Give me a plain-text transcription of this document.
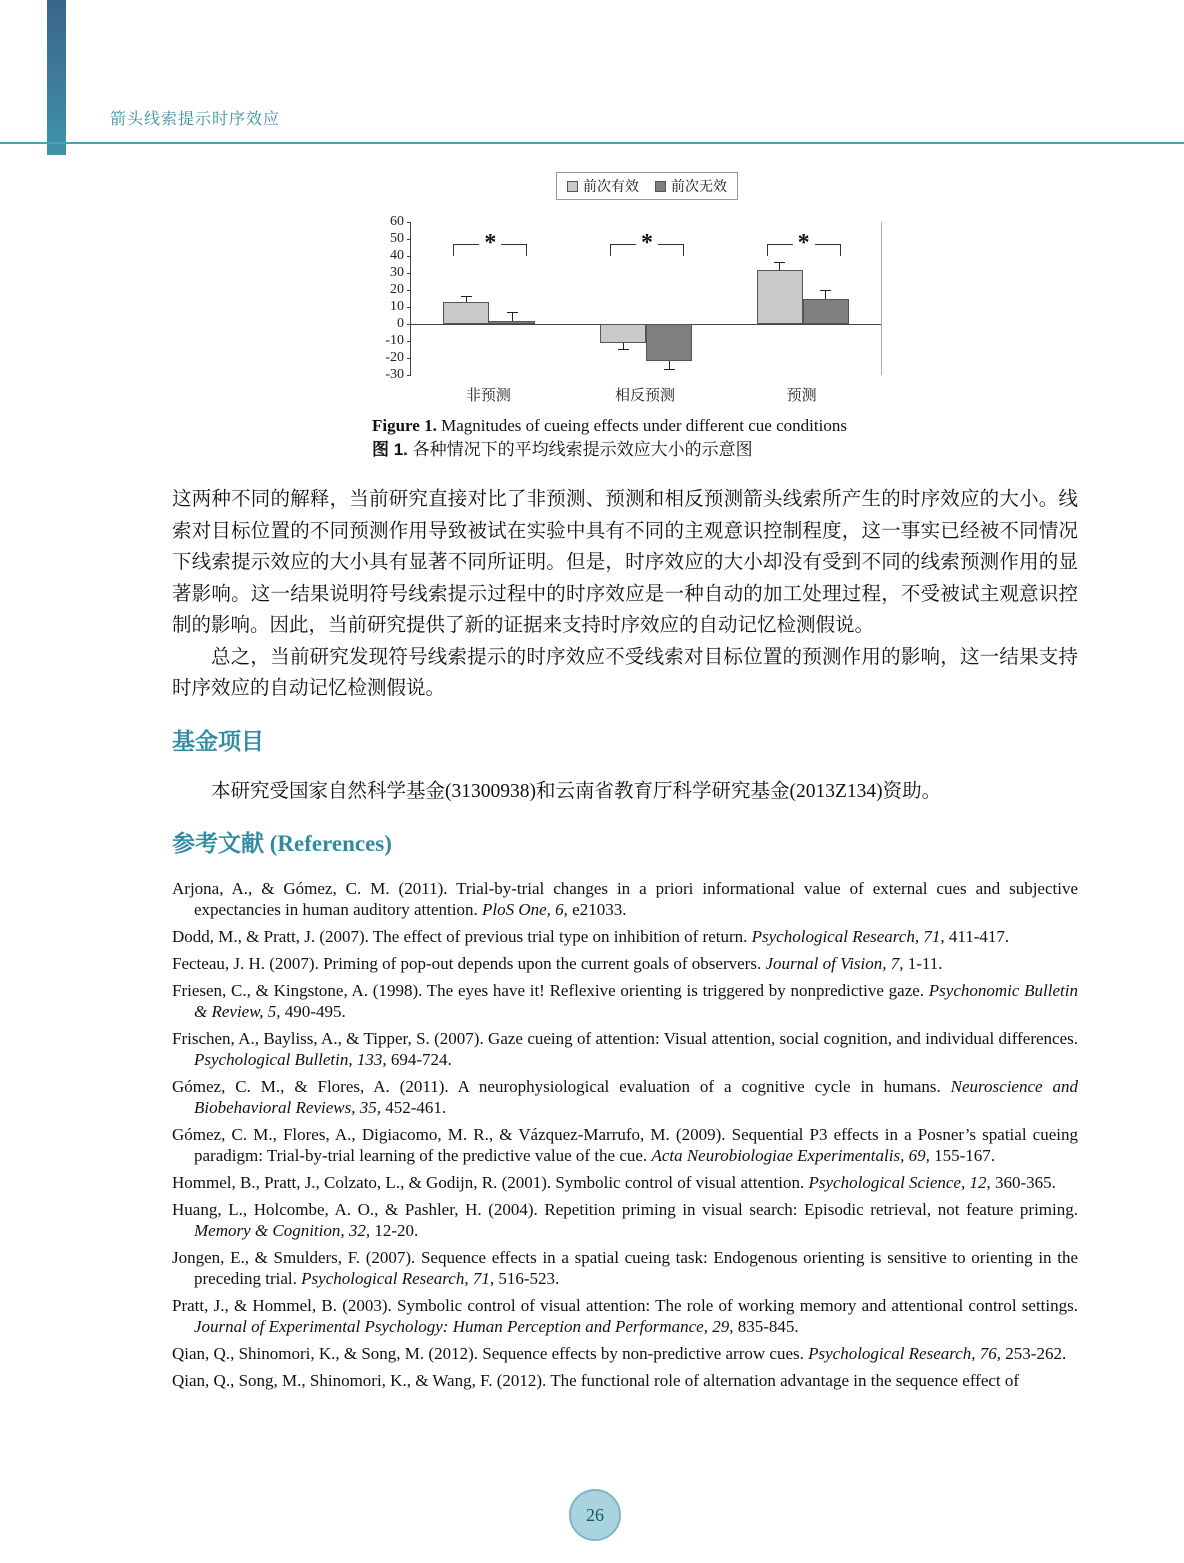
箭头线索提示时序效应
前次有效 前次无效
60
50
40
30
20
10
0
-10
-20
-30
*	*	*
非预测	相反预测	预测
Figure 1. Magnitudes of cueing effects under different cue conditions
图 1. 各种情况下的平均线索提示效应大小的示意图

这两种不同的解释，当前研究直接对比了非预测、预测和相反预测箭头线索所产生的时序效应的大小。线索对目标位置的不同预测作用导致被试在实验中具有不同的主观意识控制程度，这一事实已经被不同情况下线索提示效应的大小具有显著不同所证明。但是，时序效应的大小却没有受到不同的线索预测作用的显著影响。这一结果说明符号线索提示过程中的时序效应是一种自动的加工处理过程，不受被试主观意识控制的影响。因此，当前研究提供了新的证据来支持时序效应的自动记忆检测假说。

总之，当前研究发现符号线索提示的时序效应不受线索对目标位置的预测作用的影响，这一结果支持时序效应的自动记忆检测假说。

基金项目

本研究受国家自然科学基金(31300938)和云南省教育厅科学研究基金(2013Z134)资助。

参考文献 (References)
Arjona, A., & Gómez, C. M. (2011). Trial-by-trial changes in a priori informational value of external cues and subjective expectancies in human auditory attention. PloS One, 6, e21033.
Dodd, M., & Pratt, J. (2007). The effect of previous trial type on inhibition of return. Psychological Research, 71, 411-417.
Fecteau, J. H. (2007). Priming of pop-out depends upon the current goals of observers. Journal of Vision, 7, 1-11.
Friesen, C., & Kingstone, A. (1998). The eyes have it! Reflexive orienting is triggered by nonpredictive gaze. Psychonomic Bulletin & Review, 5, 490-495.
Frischen, A., Bayliss, A., & Tipper, S. (2007). Gaze cueing of attention: Visual attention, social cognition, and individual differences. Psychological Bulletin, 133, 694-724.
Gómez, C. M., & Flores, A. (2011). A neurophysiological evaluation of a cognitive cycle in humans. Neuroscience and Biobehavioral Reviews, 35, 452-461.
Gómez, C. M., Flores, A., Digiacomo, M. R., & Vázquez-Marrufo, M. (2009). Sequential P3 effects in a Posner’s spatial cueing paradigm: Trial-by-trial learning of the predictive value of the cue. Acta Neurobiologiae Experimentalis, 69, 155-167.
Hommel, B., Pratt, J., Colzato, L., & Godijn, R. (2001). Symbolic control of visual attention. Psychological Science, 12, 360-365.
Huang, L., Holcombe, A. O., & Pashler, H. (2004). Repetition priming in visual search: Episodic retrieval, not feature priming. Memory & Cognition, 32, 12-20.
Jongen, E., & Smulders, F. (2007). Sequence effects in a spatial cueing task: Endogenous orienting is sensitive to orienting in the preceding trial. Psychological Research, 71, 516-523.
Pratt, J., & Hommel, B. (2003). Symbolic control of visual attention: The role of working memory and attentional control settings. Journal of Experimental Psychology: Human Perception and Performance, 29, 835-845.
Qian, Q., Shinomori, K., & Song, M. (2012). Sequence effects by non-predictive arrow cues. Psychological Research, 76, 253-262.
Qian, Q., Song, M., Shinomori, K., & Wang, F. (2012). The functional role of alternation advantage in the sequence effect of
26
